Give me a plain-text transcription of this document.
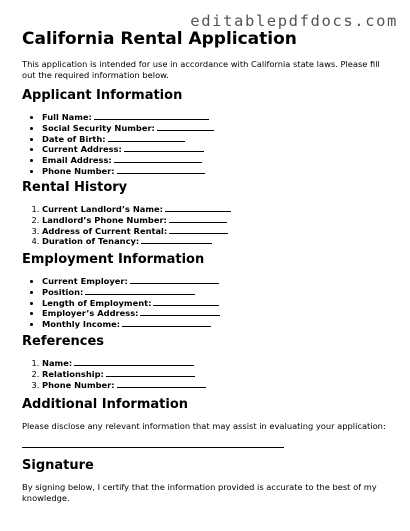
editablepdfdocs.com
California Rental Application

This application is intended for use in accordance with California state laws. Please fill out the required information below.

Applicant Information
• Full Name:
• Social Security Number:
• Date of Birth:
• Current Address:
• Email Address:
• Phone Number:
Rental History
1. Current Landlord’s Name:
2. Landlord’s Phone Number:
3. Address of Current Rental:
4. Duration of Tenancy:
Employment Information
• Current Employer:
• Position:
• Length of Employment:
• Employer’s Address:
• Monthly Income:
References
1. Name:
2. Relationship:
3. Phone Number:
Additional Information

Please disclose any relevant information that may assist in evaluating your application:

Signature

By signing below, I certify that the information provided is accurate to the best of my knowledge.
